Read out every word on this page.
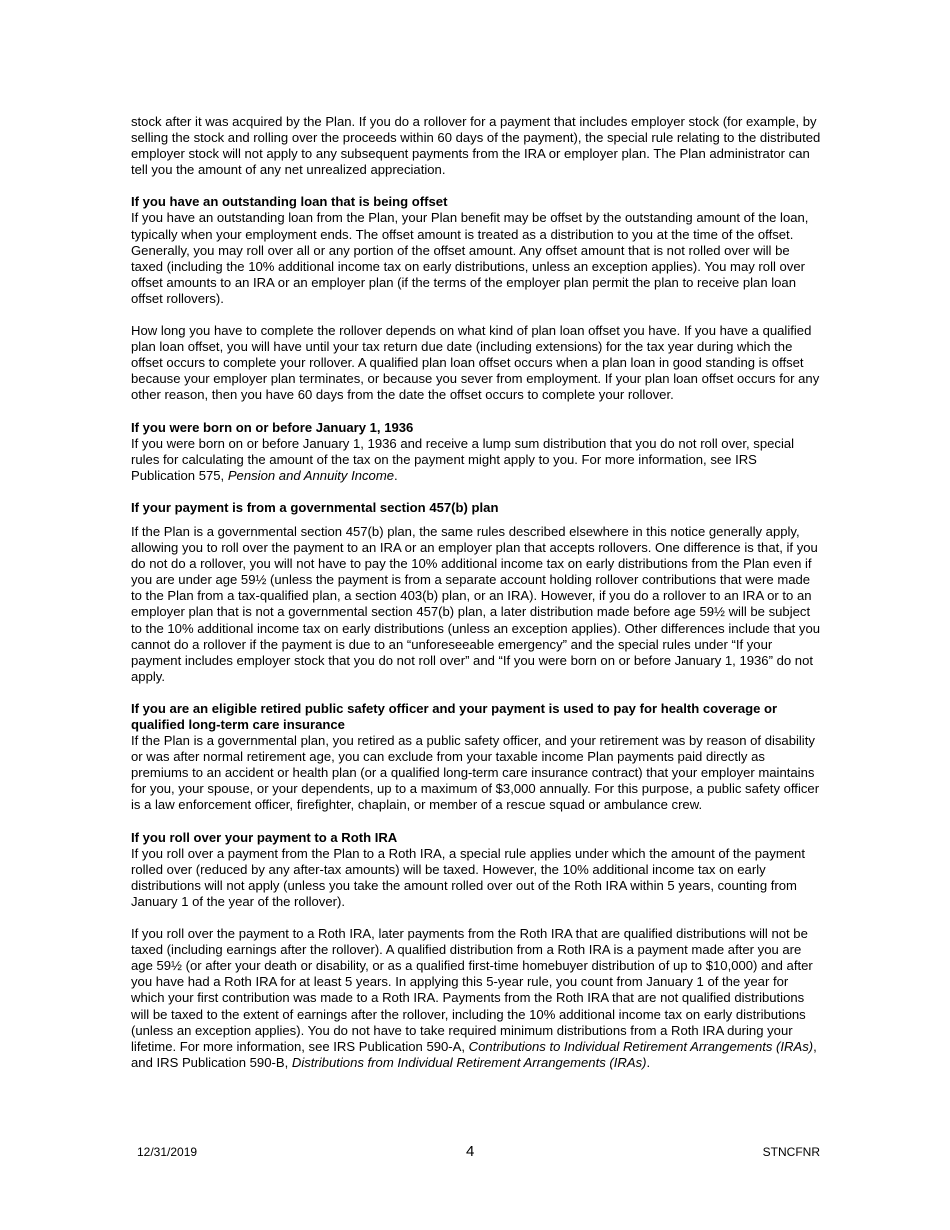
stock after it was acquired by the Plan. If you do a rollover for a payment that includes employer stock (for example, by selling the stock and rolling over the proceeds within 60 days of the payment), the special rule relating to the distributed employer stock will not apply to any subsequent payments from the IRA or employer plan. The Plan administrator can tell you the amount of any net unrealized appreciation.

If you have an outstanding loan that is being offset

If you have an outstanding loan from the Plan, your Plan benefit may be offset by the outstanding amount of the loan, typically when your employment ends. The offset amount is treated as a distribution to you at the time of the offset. Generally, you may roll over all or any portion of the offset amount. Any offset amount that is not rolled over will be taxed (including the 10% additional income tax on early distributions, unless an exception applies). You may roll over offset amounts to an IRA or an employer plan (if the terms of the employer plan permit the plan to receive plan loan offset rollovers).

How long you have to complete the rollover depends on what kind of plan loan offset you have. If you have a qualified plan loan offset, you will have until your tax return due date (including extensions) for the tax year during which the offset occurs to complete your rollover. A qualified plan loan offset occurs when a plan loan in good standing is offset because your employer plan terminates, or because you sever from employment. If your plan loan offset occurs for any other reason, then you have 60 days from the date the offset occurs to complete your rollover.

If you were born on or before January 1, 1936

If you were born on or before January 1, 1936 and receive a lump sum distribution that you do not roll over, special rules for calculating the amount of the tax on the payment might apply to you. For more information, see IRS Publication 575, Pension and Annuity Income.

If your payment is from a governmental section 457(b) plan

If the Plan is a governmental section 457(b) plan, the same rules described elsewhere in this notice generally apply, allowing you to roll over the payment to an IRA or an employer plan that accepts rollovers. One difference is that, if you do not do a rollover, you will not have to pay the 10% additional income tax on early distributions from the Plan even if you are under age 59½ (unless the payment is from a separate account holding rollover contributions that were made to the Plan from a tax-qualified plan, a section 403(b) plan, or an IRA). However, if you do a rollover to an IRA or to an employer plan that is not a governmental section 457(b) plan, a later distribution made before age 59½ will be subject to the 10% additional income tax on early distributions (unless an exception applies). Other differences include that you cannot do a rollover if the payment is due to an “unforeseeable emergency” and the special rules under “If your payment includes employer stock that you do not roll over” and “If you were born on or before January 1, 1936” do not apply.

If you are an eligible retired public safety officer and your payment is used to pay for health coverage or qualified long-term care insurance

If the Plan is a governmental plan, you retired as a public safety officer, and your retirement was by reason of disability or was after normal retirement age, you can exclude from your taxable income Plan payments paid directly as premiums to an accident or health plan (or a qualified long-term care insurance contract) that your employer maintains for you, your spouse, or your dependents, up to a maximum of $3,000 annually. For this purpose, a public safety officer is a law enforcement officer, firefighter, chaplain, or member of a rescue squad or ambulance crew.

If you roll over your payment to a Roth IRA

If you roll over a payment from the Plan to a Roth IRA, a special rule applies under which the amount of the payment rolled over (reduced by any after-tax amounts) will be taxed. However, the 10% additional income tax on early distributions will not apply (unless you take the amount rolled over out of the Roth IRA within 5 years, counting from January 1 of the year of the rollover).

If you roll over the payment to a Roth IRA, later payments from the Roth IRA that are qualified distributions will not be taxed (including earnings after the rollover). A qualified distribution from a Roth IRA is a payment made after you are age 59½ (or after your death or disability, or as a qualified first-time homebuyer distribution of up to $10,000) and after you have had a Roth IRA for at least 5 years. In applying this 5-year rule, you count from January 1 of the year for which your first contribution was made to a Roth IRA. Payments from the Roth IRA that are not qualified distributions will be taxed to the extent of earnings after the rollover, including the 10% additional income tax on early distributions (unless an exception applies). You do not have to take required minimum distributions from a Roth IRA during your lifetime. For more information, see IRS Publication 590-A, Contributions to Individual Retirement Arrangements (IRAs), and IRS Publication 590-B, Distributions from Individual Retirement Arrangements (IRAs).

12/31/2019	4	STNCFNR
